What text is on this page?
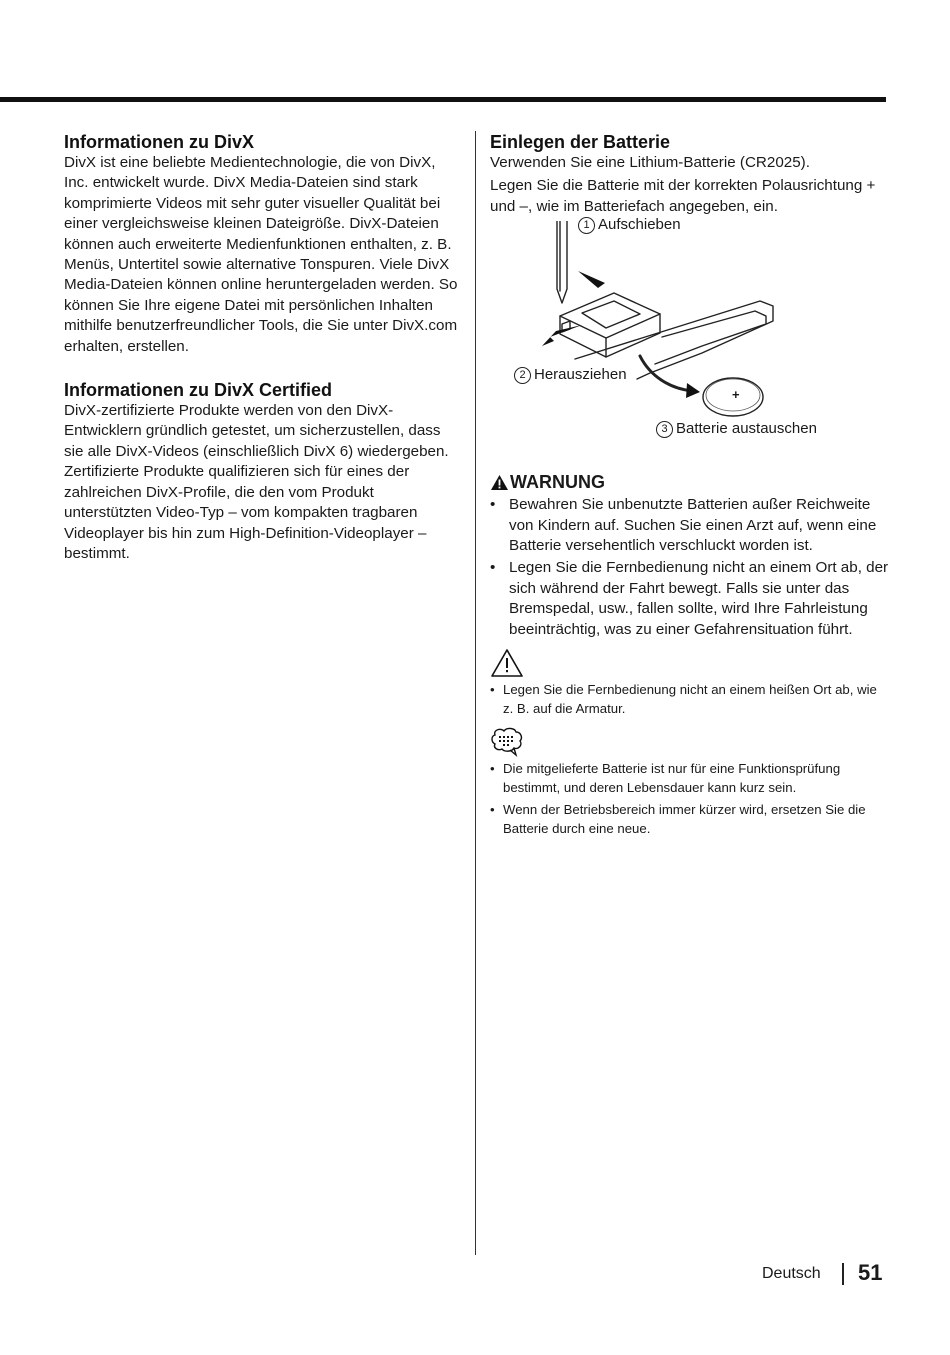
Informationen zu DivX

DivX ist eine beliebte Medientechnologie, die von DivX, Inc. entwickelt wurde. DivX Media-Dateien sind stark komprimierte Videos mit sehr guter visueller Qualität bei einer vergleichsweise kleinen Dateigröße. DivX-Dateien können auch erweiterte Medienfunktionen enthalten, z. B. Menüs, Untertitel sowie alternative Tonspuren. Viele DivX Media-Dateien können online heruntergeladen werden. So können Sie Ihre eigene Datei mit persönlichen Inhalten mithilfe benutzerfreundlicher Tools, die Sie unter DivX.com erhalten, erstellen.

Informationen zu DivX Certified

DivX-zertifizierte Produkte werden von den DivX-Entwicklern gründlich getestet, um sicherzustellen, dass sie alle DivX-Videos (einschließlich DivX 6) wiedergeben. Zertifizierte Produkte qualifizieren sich für eines der zahlreichen DivX-Profile, die den vom Produkt unterstützten Video-Typ – vom kompakten tragbaren Videoplayer bis hin zum High-Definition-Videoplayer – bestimmt.

Einlegen der Batterie

Verwenden Sie eine Lithium-Batterie (CR2025).

Legen Sie die Batterie mit der korrekten Polausrichtung + und –, wie im Batteriefach angegeben, ein.

+
1 Aufschieben
2 Herausziehen
3 Batterie austauschen
WARNUNG
• Bewahren Sie unbenutzte Batterien außer Reichweite von Kindern auf. Suchen Sie einen Arzt auf, wenn eine Batterie versehentlich verschluckt worden ist.
• Legen Sie die Fernbedienung nicht an einem Ort ab, der sich während der Fahrt bewegt. Falls sie unter das Bremspedal, usw., fallen sollte, wird Ihre Fahrleistung beeinträchtig, was zu einer Gefahrensituation führt.
• Legen Sie die Fernbedienung nicht an einem heißen Ort ab, wie z. B. auf die Armatur.
• Die mitgelieferte Batterie ist nur für eine Funktionsprüfung bestimmt, und deren Lebensdauer kann kurz sein.
• Wenn der Betriebsbereich immer kürzer wird, ersetzen Sie die Batterie durch eine neue.
Deutsch 51
